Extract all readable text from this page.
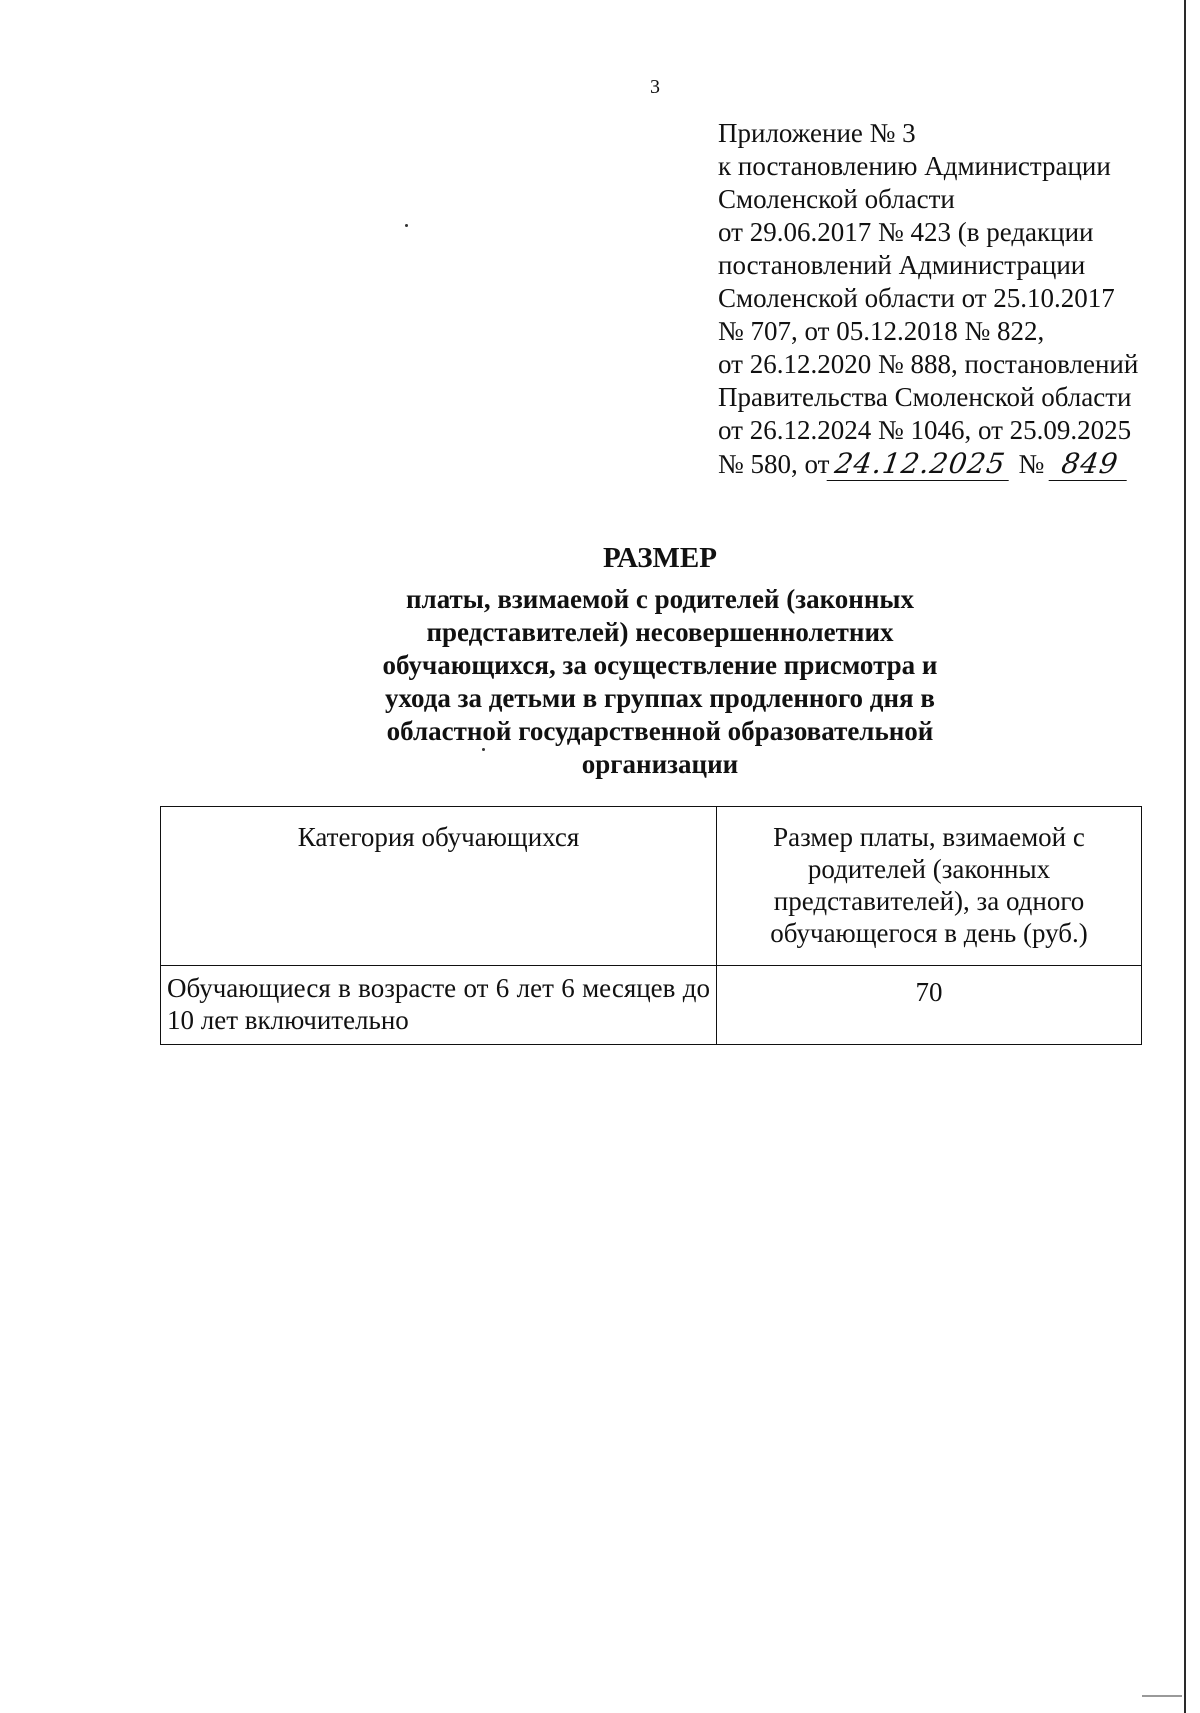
3
Приложение № 3
к постановлению Администрации
Смоленской области
от 29.06.2017 № 423 (в редакции
постановлений Администрации
Смоленской области от 25.10.2017
№ 707, от 05.12.2018 № 822,
от 26.12.2020 № 888, постановлений
Правительства Смоленской области
от 26.12.2024 № 1046, от 25.09.2025
№ 580, от 24.12.2025 № 849
РАЗМЕР
платы, взимаемой с родителей (законных
представителей) несовершеннолетних
обучающихся, за осуществление присмотра и
ухода за детьми в группах продленного дня в
областной государственной образовательной
организации
Категория обучающихся	Размер платы, взимаемой с родителей (законных представителей), за одного обучающегося в день (руб.)
Обучающиеся в возрасте от 6 лет 6 месяцев до 10 лет включительно	70
